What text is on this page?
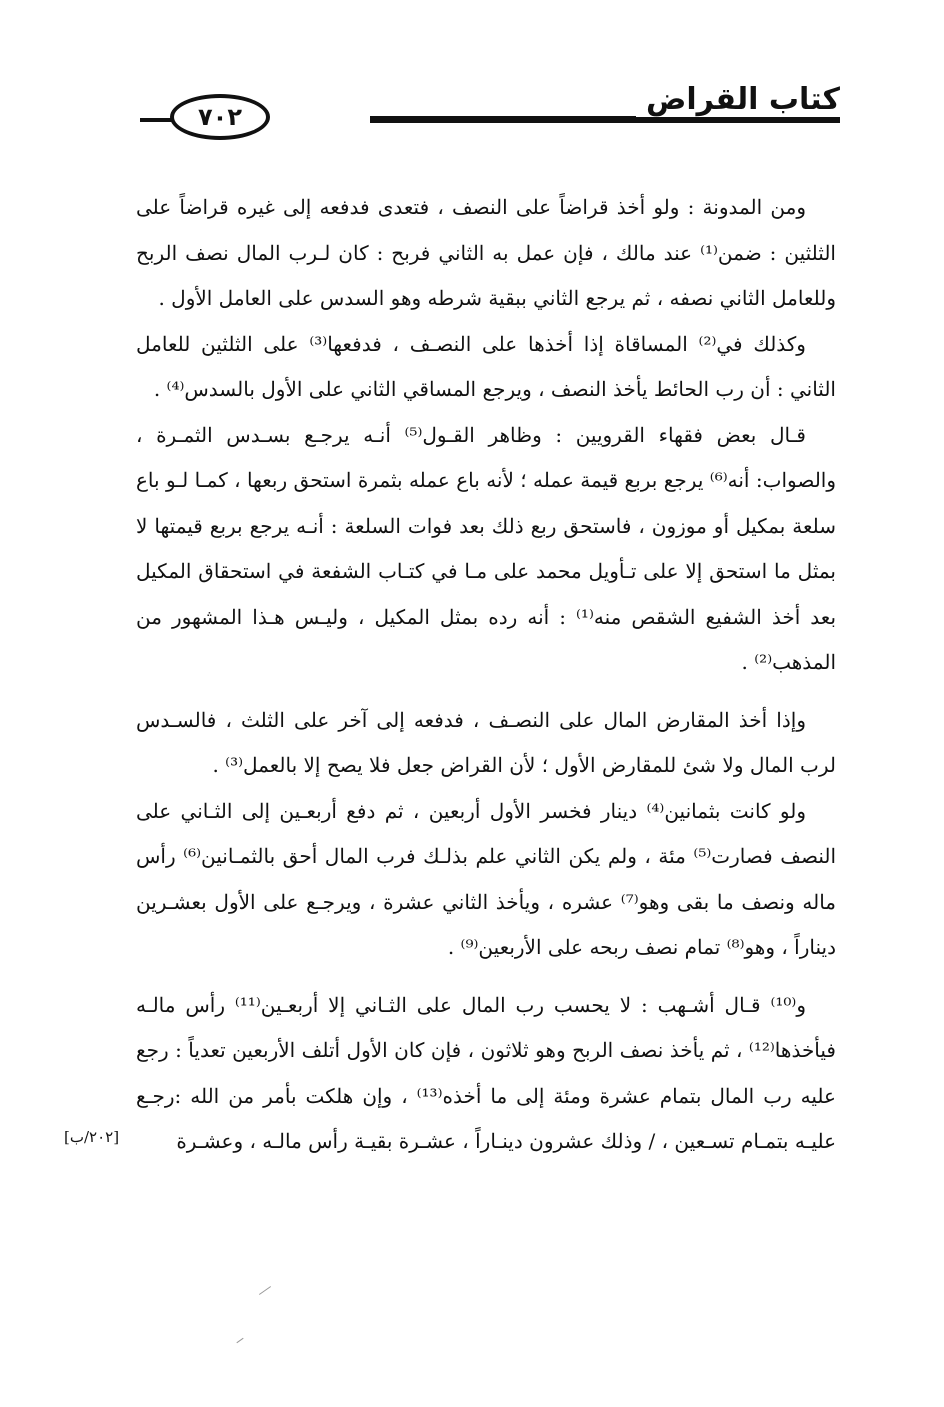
كتاب القراض
٧٠٢

ومن المدونة : ولو أخذ قراضاً على النصف ، فتعدى فدفعه إلى غيره قراضاً على الثلثين : ضمن⁽¹⁾ عند مالك ، فإن عمل به الثاني فربح : كان لـرب المال نصف الربح وللعامل الثاني نصفه ، ثم يرجع الثاني ببقية شرطه وهو السدس على العامل الأول .

وكذلك في⁽²⁾ المساقاة إذا أخذها على النصـف ، فدفعها⁽³⁾ على الثلثين للعامل الثاني : أن رب الحائط يأخذ النصف ، ويرجع المساقي الثاني على الأول بالسدس⁽⁴⁾ .

قـال بعض فقهاء القرويين : وظاهر القـول⁽⁵⁾ أنـه يرجـع بسـدس الثمـرة ، والصواب: أنه⁽⁶⁾ يرجع بربع قيمة عمله ؛ لأنه باع عمله بثمرة استحق ربعها ، كمـا لـو باع سلعة بمكيل أو موزون ، فاستحق ربع ذلك بعد فوات السلعة : أنـه يرجع بربع قيمتها لا بمثل ما استحق إلا على تـأويل محمد على مـا في كتـاب الشفعة في استحقاق المكيل بعد أخذ الشفيع الشقص منه⁽¹⁾ : أنه رده بمثل المكيل ، وليـس هـذا المشهور من المذهب⁽²⁾ .

وإذا أخذ المقارض المال على النصـف ، فدفعه إلى آخر على الثلث ، فالسـدس لرب المال ولا شئ للمقارض الأول ؛ لأن القراض جعل فلا يصح إلا بالعمل⁽³⁾ .

ولو كانت بثمانين⁽⁴⁾ دينار فخسر الأول أربعين ، ثم دفع أربعـين إلى الثـاني على النصف فصارت⁽⁵⁾ مئة ، ولم يكن الثاني علم بذلـك فرب المال أحق بالثمـانين⁽⁶⁾ رأس ماله ونصف ما بقى وهو⁽⁷⁾ عشره ، ويأخذ الثاني عشرة ، ويرجـع على الأول بعشـرين ديناراً ، وهو⁽⁸⁾ تمام نصف ربحه على الأربعين⁽⁹⁾ .

و⁽¹⁰⁾ قـال أشـهب : لا يحسب رب المال على الثـاني إلا أربعـين⁽¹¹⁾ رأس مالـه فيأخذها⁽¹²⁾ ، ثم يأخذ نصف الربح وهو ثلاثون ، فإن كان الأول أتلف الأربعين تعدياً : رجع عليه رب المال بتمام عشرة ومئة إلى ما أخذه⁽¹³⁾ ، وإن هلكت بأمر من الله :رجـع عليـه بتمـام تسـعين ، / وذلك عشرون دينـاراً ، عشـرة بقيـة رأس مالـه ، وعشـرة

[٢٠٢/ب]
